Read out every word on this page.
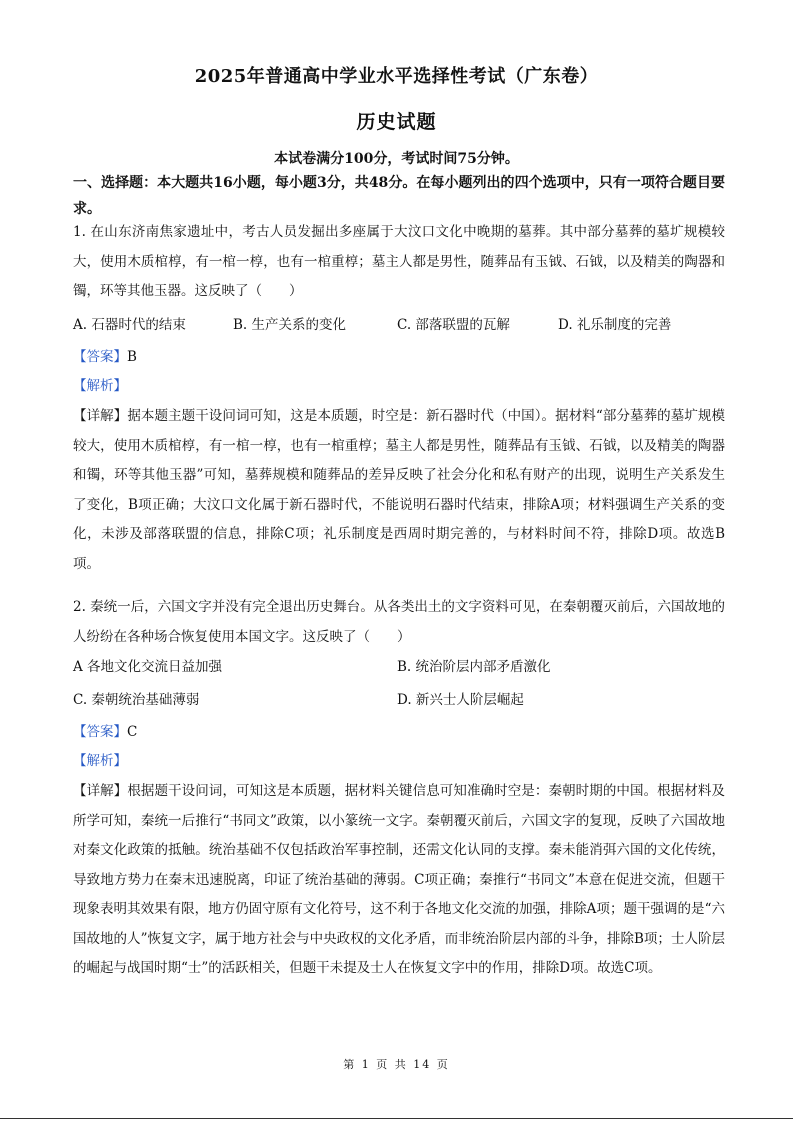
2025年普通高中学业水平选择性考试（广东卷）
历史试题
本试卷满分100分，考试时间75分钟。
一、选择题：本大题共16小题，每小题3分，共48分。在每小题列出的四个选项中，只有一项符合题目要求。
1. 在山东济南焦家遗址中，考古人员发掘出多座属于大汶口文化中晚期的墓葬。其中部分墓葬的墓圹规模较大，使用木质棺椁，有一棺一椁，也有一棺重椁；墓主人都是男性，随葬品有玉钺、石钺，以及精美的陶器和镯，环等其他玉器。这反映了（　　）
A. 石器时代的结束	B. 生产关系的变化	C. 部落联盟的瓦解	D. 礼乐制度的完善
【答案】B
【解析】
【详解】据本题主题干设问词可知，这是本质题，时空是：新石器时代（中国）。据材料“部分墓葬的墓圹规模较大，使用木质棺椁，有一棺一椁，也有一棺重椁；墓主人都是男性，随葬品有玉钺、石钺，以及精美的陶器和镯，环等其他玉器”可知，墓葬规模和随葬品的差异反映了社会分化和私有财产的出现，说明生产关系发生了变化，B项正确；大汶口文化属于新石器时代，不能说明石器时代结束，排除A项；材料强调生产关系的变化，未涉及部落联盟的信息，排除C项；礼乐制度是西周时期完善的，与材料时间不符，排除D项。故选B项。
2. 秦统一后，六国文字并没有完全退出历史舞台。从各类出土的文字资料可见，在秦朝覆灭前后，六国故地的人纷纷在各种场合恢复使用本国文字。这反映了（　　）
A 各地文化交流日益加强	B. 统治阶层内部矛盾激化
C. 秦朝统治基础薄弱	D. 新兴士人阶层崛起
【答案】C
【解析】
【详解】根据题干设问词，可知这是本质题，据材料关键信息可知准确时空是：秦朝时期的中国。根据材料及所学可知，秦统一后推行“书同文”政策，以小篆统一文字。秦朝覆灭前后，六国文字的复现，反映了六国故地对秦文化政策的抵触。统治基础不仅包括政治军事控制，还需文化认同的支撑。秦未能消弭六国的文化传统，导致地方势力在秦末迅速脱离，印证了统治基础的薄弱。C项正确；秦推行“书同文”本意在促进交流，但题干现象表明其效果有限，地方仍固守原有文化符号，这不利于各地文化交流的加强，排除A项；题干强调的是“六国故地的人”恢复文字，属于地方社会与中央政权的文化矛盾，而非统治阶层内部的斗争，排除B项；士人阶层的崛起与战国时期“士”的活跃相关，但题干未提及士人在恢复文字中的作用，排除D项。故选C项。
第 1 页 共 14 页
